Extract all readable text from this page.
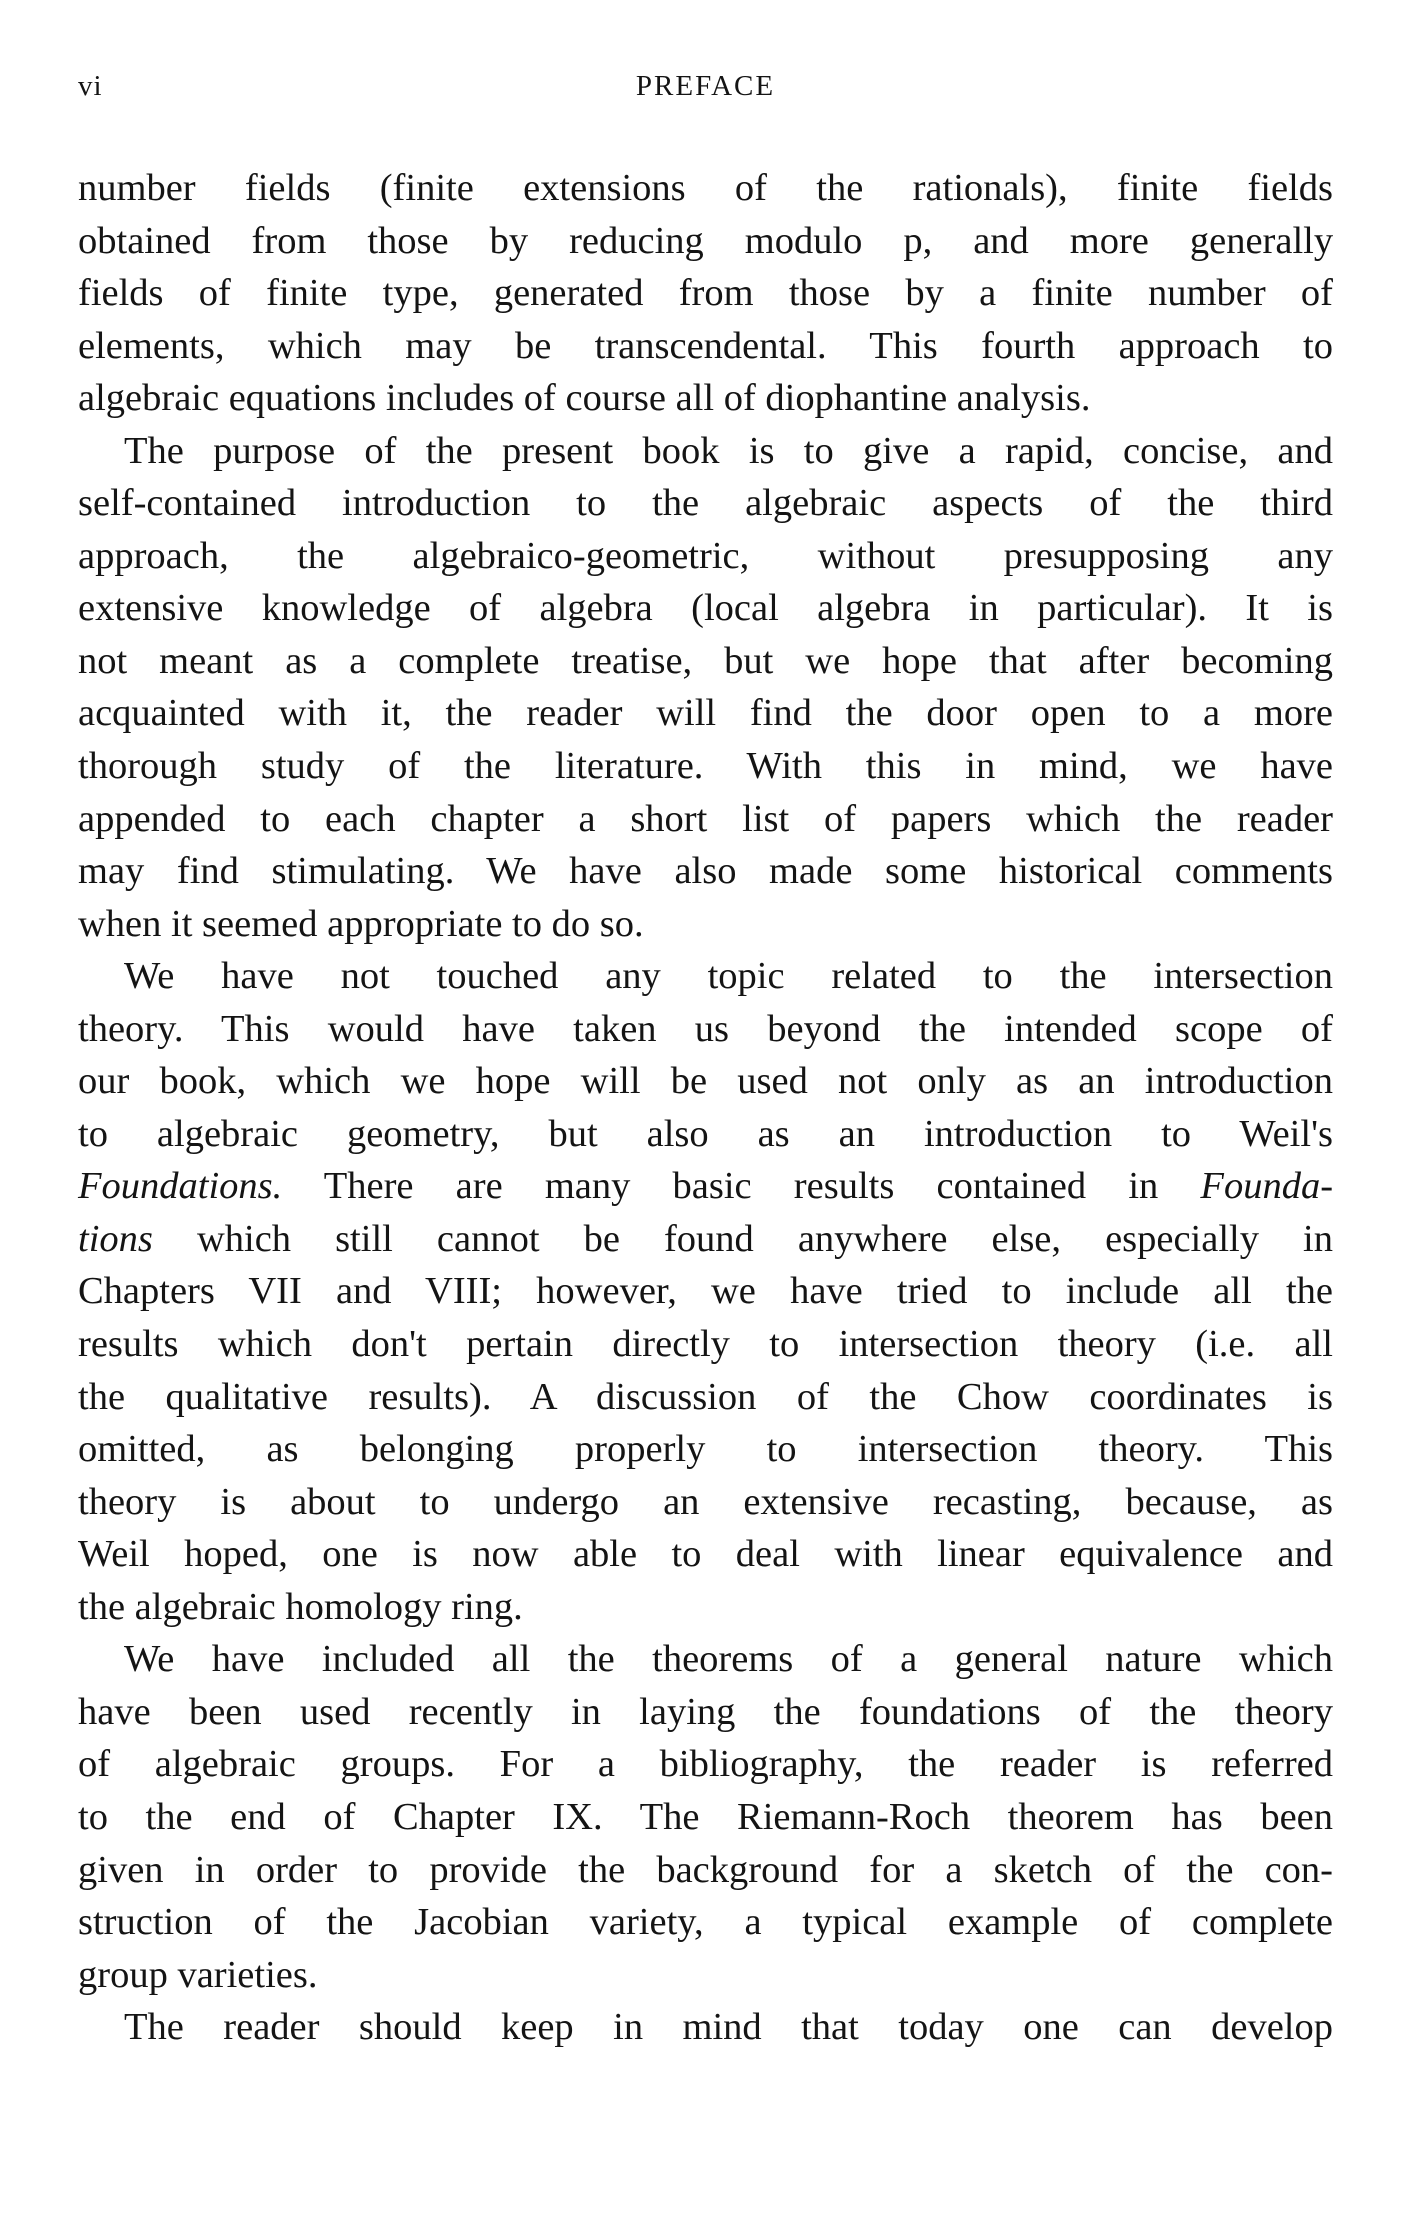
vi	PREFACE
number fields (finite extensions of the rationals), finite fields
obtained from those by reducing modulo p, and more generally
fields of finite type, generated from those by a finite number of
elements, which may be transcendental. This fourth approach to
algebraic equations includes of course all of diophantine analysis.
The purpose of the present book is to give a rapid, concise, and
self-contained introduction to the algebraic aspects of the third
approach, the algebraico-geometric, without presupposing any
extensive knowledge of algebra (local algebra in particular). It is
not meant as a complete treatise, but we hope that after becoming
acquainted with it, the reader will find the door open to a more
thorough study of the literature. With this in mind, we have
appended to each chapter a short list of papers which the reader
may find stimulating. We have also made some historical comments
when it seemed appropriate to do so.
We have not touched any topic related to the intersection
theory. This would have taken us beyond the intended scope of
our book, which we hope will be used not only as an introduction
to algebraic geometry, but also as an introduction to Weil's
Foundations. There are many basic results contained in Founda-
tions which still cannot be found anywhere else, especially in
Chapters VII and VIII; however, we have tried to include all the
results which don't pertain directly to intersection theory (i.e. all
the qualitative results). A discussion of the Chow coordinates is
omitted, as belonging properly to intersection theory. This
theory is about to undergo an extensive recasting, because, as
Weil hoped, one is now able to deal with linear equivalence and
the algebraic homology ring.
We have included all the theorems of a general nature which
have been used recently in laying the foundations of the theory
of algebraic groups. For a bibliography, the reader is referred
to the end of Chapter IX. The Riemann-Roch theorem has been
given in order to provide the background for a sketch of the con-
struction of the Jacobian variety, a typical example of complete
group varieties.
The reader should keep in mind that today one can develop
